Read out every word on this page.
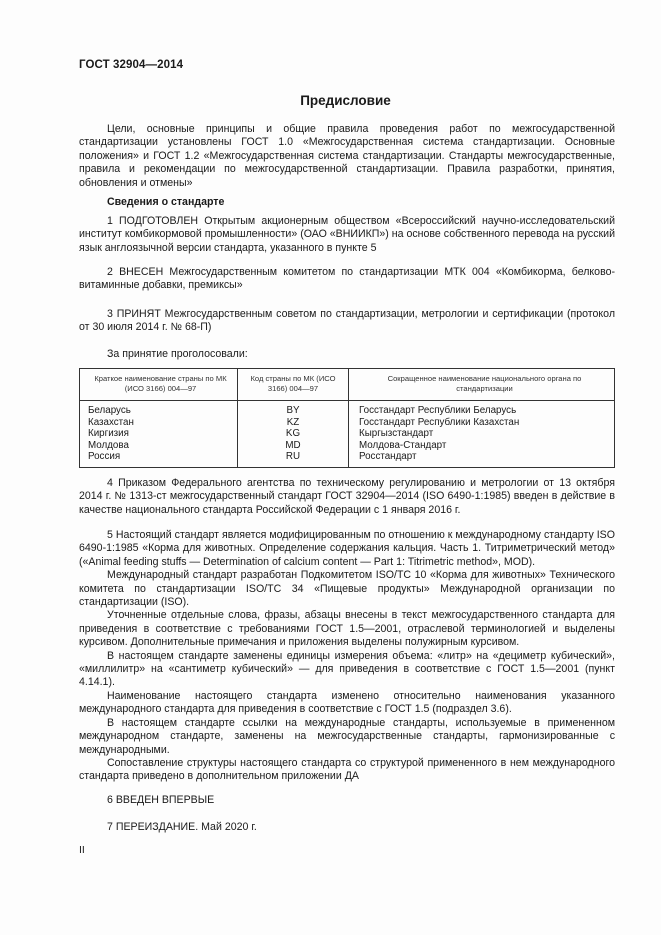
ГОСТ 32904—2014
Предисловие

Цели, основные принципы и общие правила проведения работ по межгосударственной стандартизации установлены ГОСТ 1.0 «Межгосударственная система стандартизации. Основные положения» и ГОСТ 1.2 «Межгосударственная система стандартизации. Стандарты межгосударственные, правила и рекомендации по межгосударственной стандартизации. Правила разработки, принятия, обновления и отмены»

Сведения о стандарте

1 ПОДГОТОВЛЕН Открытым акционерным обществом «Всероссийский научно-исследовательский институт комбикормовой промышленности» (ОАО «ВНИИКП») на основе собственного перевода на русский язык англоязычной версии стандарта, указанного в пункте 5

2 ВНЕСЕН Межгосударственным комитетом по стандартизации МТК 004 «Комбикорма, белково-витаминные добавки, премиксы»

3 ПРИНЯТ Межгосударственным советом по стандартизации, метрологии и сертификации (протокол от 30 июля 2014 г. № 68-П)

За принятие проголосовали:

Краткое наименование страны по МК (ИСО 3166) 004—97	Код страны по МК (ИСО 3166) 004—97	Сокращенное наименование национального органа по стандартизации
Беларусь	BY	Госстандарт Республики Беларусь
Казахстан	KZ	Госстандарт Республики Казахстан
Киргизия	KG	Кыргызстандарт
Молдова	MD	Молдова-Стандарт
Россия	RU	Росстандарт

4 Приказом Федерального агентства по техническому регулированию и метрологии от 13 октября 2014 г. № 1313-ст межгосударственный стандарт ГОСТ 32904—2014 (ISO 6490-1:1985) введен в действие в качестве национального стандарта Российской Федерации с 1 января 2016 г.

5 Настоящий стандарт является модифицированным по отношению к международному стандарту ISO 6490-1:1985 «Корма для животных. Определение содержания кальция. Часть 1. Титриметрический метод» («Animal feeding stuffs — Determination of calcium content — Part 1: Titrimetric method», MOD).

Международный стандарт разработан Подкомитетом ISO/TC 10 «Корма для животных» Технического комитета по стандартизации ISO/TC 34 «Пищевые продукты» Международной организации по стандартизации (ISO).

Уточненные отдельные слова, фразы, абзацы внесены в текст межгосударственного стандарта для приведения в соответствие с требованиями ГОСТ 1.5—2001, отраслевой терминологией и выделены курсивом. Дополнительные примечания и приложения выделены полужирным курсивом.

В настоящем стандарте заменены единицы измерения объема: «литр» на «дециметр кубический», «миллилитр» на «сантиметр кубический» — для приведения в соответствие с ГОСТ 1.5—2001 (пункт 4.14.1).

Наименование настоящего стандарта изменено относительно наименования указанного международного стандарта для приведения в соответствие с ГОСТ 1.5 (подраздел 3.6).

В настоящем стандарте ссылки на международные стандарты, используемые в примененном международном стандарте, заменены на межгосударственные стандарты, гармонизированные с международными.

Сопоставление структуры настоящего стандарта со структурой примененного в нем международного стандарта приведено в дополнительном приложении ДА

6 ВВЕДЕН ВПЕРВЫЕ

7 ПЕРЕИЗДАНИЕ. Май 2020 г.

II
